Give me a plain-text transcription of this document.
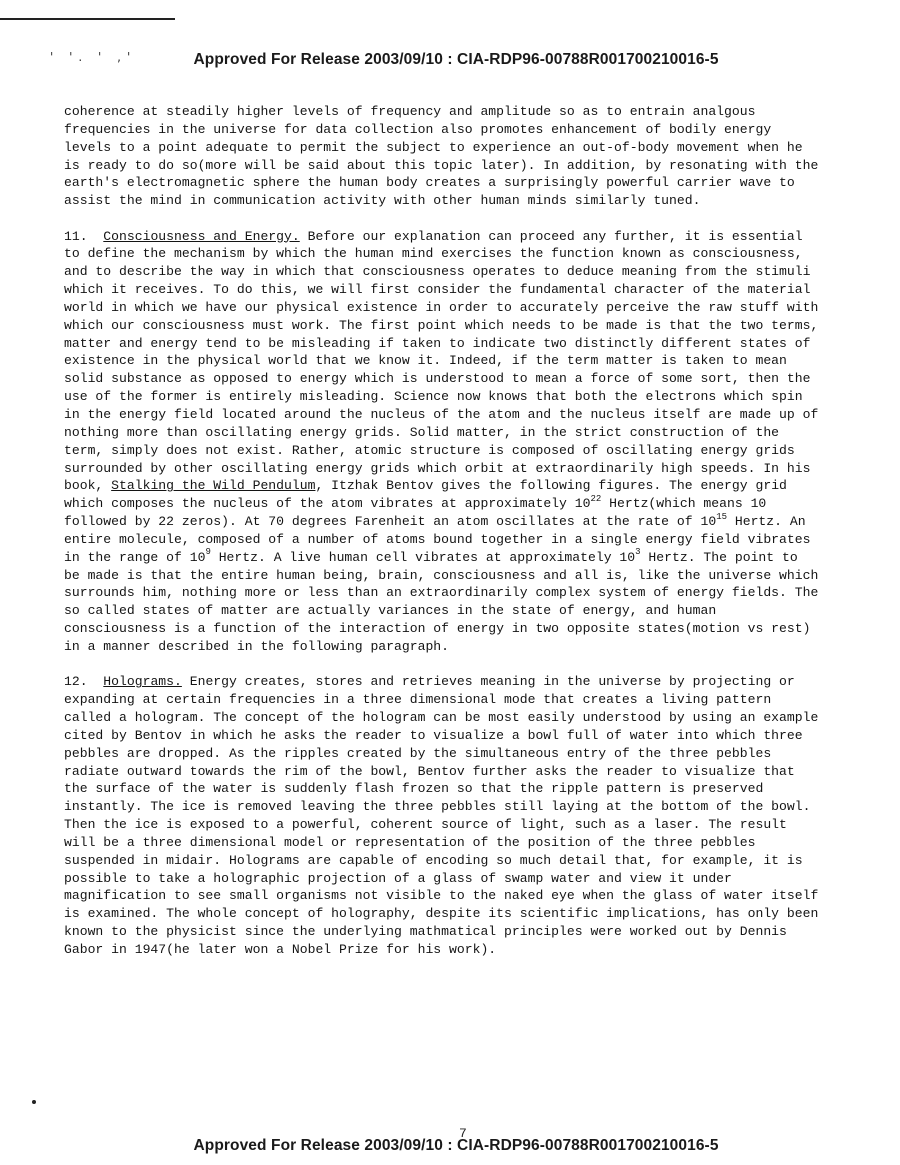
' '. ' ,'	Approved For Release 2003/09/10 : CIA-RDP96-00788R001700210016-5

coherence at steadily higher levels of frequency and amplitude so as to entrain analgous frequencies in the universe for data collection also promotes enhancement of bodily energy levels to a point adequate to permit the subject to experience an out-of-body movement when he is ready to do so(more will be said about this topic later). In addition, by resonating with the earth's electromagnetic sphere the human body creates a surprisingly powerful carrier wave to assist the mind in communication activity with other human minds similarly tuned.

11. Consciousness and Energy. Before our explanation can proceed any further, it is essential to define the mechanism by which the human mind exercises the function known as consciousness, and to describe the way in which that consciousness operates to deduce meaning from the stimuli which it receives. To do this, we will first consider the fundamental character of the material world in which we have our physical existence in order to accurately perceive the raw stuff with which our consciousness must work. The first point which needs to be made is that the two terms, matter and energy tend to be misleading if taken to indicate two distinctly different states of existence in the physical world that we know it. Indeed, if the term matter is taken to mean solid substance as opposed to energy which is understood to mean a force of some sort, then the use of the former is entirely misleading. Science now knows that both the electrons which spin in the energy field located around the nucleus of the atom and the nucleus itself are made up of nothing more than oscillating energy grids. Solid matter, in the strict construction of the term, simply does not exist. Rather, atomic structure is composed of oscillating energy grids surrounded by other oscillating energy grids which orbit at extraordinarily high speeds. In his book, Stalking the Wild Pendulum, Itzhak Bentov gives the following figures. The energy grid which composes the nucleus of the atom vibrates at approximately $10^{22}$ Hertz(which means 10 followed by 22 zeros). At 70 degrees Farenheit an atom oscillates at the rate of $10^{15}$ Hertz. An entire molecule, composed of a number of atoms bound together in a single energy field vibrates in the range of $10^9$ Hertz. A live human cell vibrates at approximately $10^3$ Hertz. The point to be made is that the entire human being, brain, consciousness and all is, like the universe which surrounds him, nothing more or less than an extraordinarily complex system of energy fields. The so called states of matter are actually variances in the state of energy, and human consciousness is a function of the interaction of energy in two opposite states(motion vs rest) in a manner described in the following paragraph.

12. Holograms. Energy creates, stores and retrieves meaning in the universe by projecting or expanding at certain frequencies in a three dimensional mode that creates a living pattern called a hologram. The concept of the hologram can be most easily understood by using an example cited by Bentov in which he asks the reader to visualize a bowl full of water into which three pebbles are dropped. As the ripples created by the simultaneous entry of the three pebbles radiate outward towards the rim of the bowl, Bentov further asks the reader to visualize that the surface of the water is suddenly flash frozen so that the ripple pattern is preserved instantly. The ice is removed leaving the three pebbles still laying at the bottom of the bowl. Then the ice is exposed to a powerful, coherent source of light, such as a laser. The result will be a three dimensional model or representation of the position of the three pebbles suspended in midair. Holograms are capable of encoding so much detail that, for example, it is possible to take a holographic projection of a glass of swamp water and view it under magnification to see small organisms not visible to the naked eye when the glass of water itself is examined. The whole concept of holography, despite its scientific implications, has only been known to the physicist since the underlying mathmatical principles were worked out by Dennis Gabor in 1947(he later won a Nobel Prize for his work).

7
Approved For Release 2003/09/10 : CIA-RDP96-00788R001700210016-5
